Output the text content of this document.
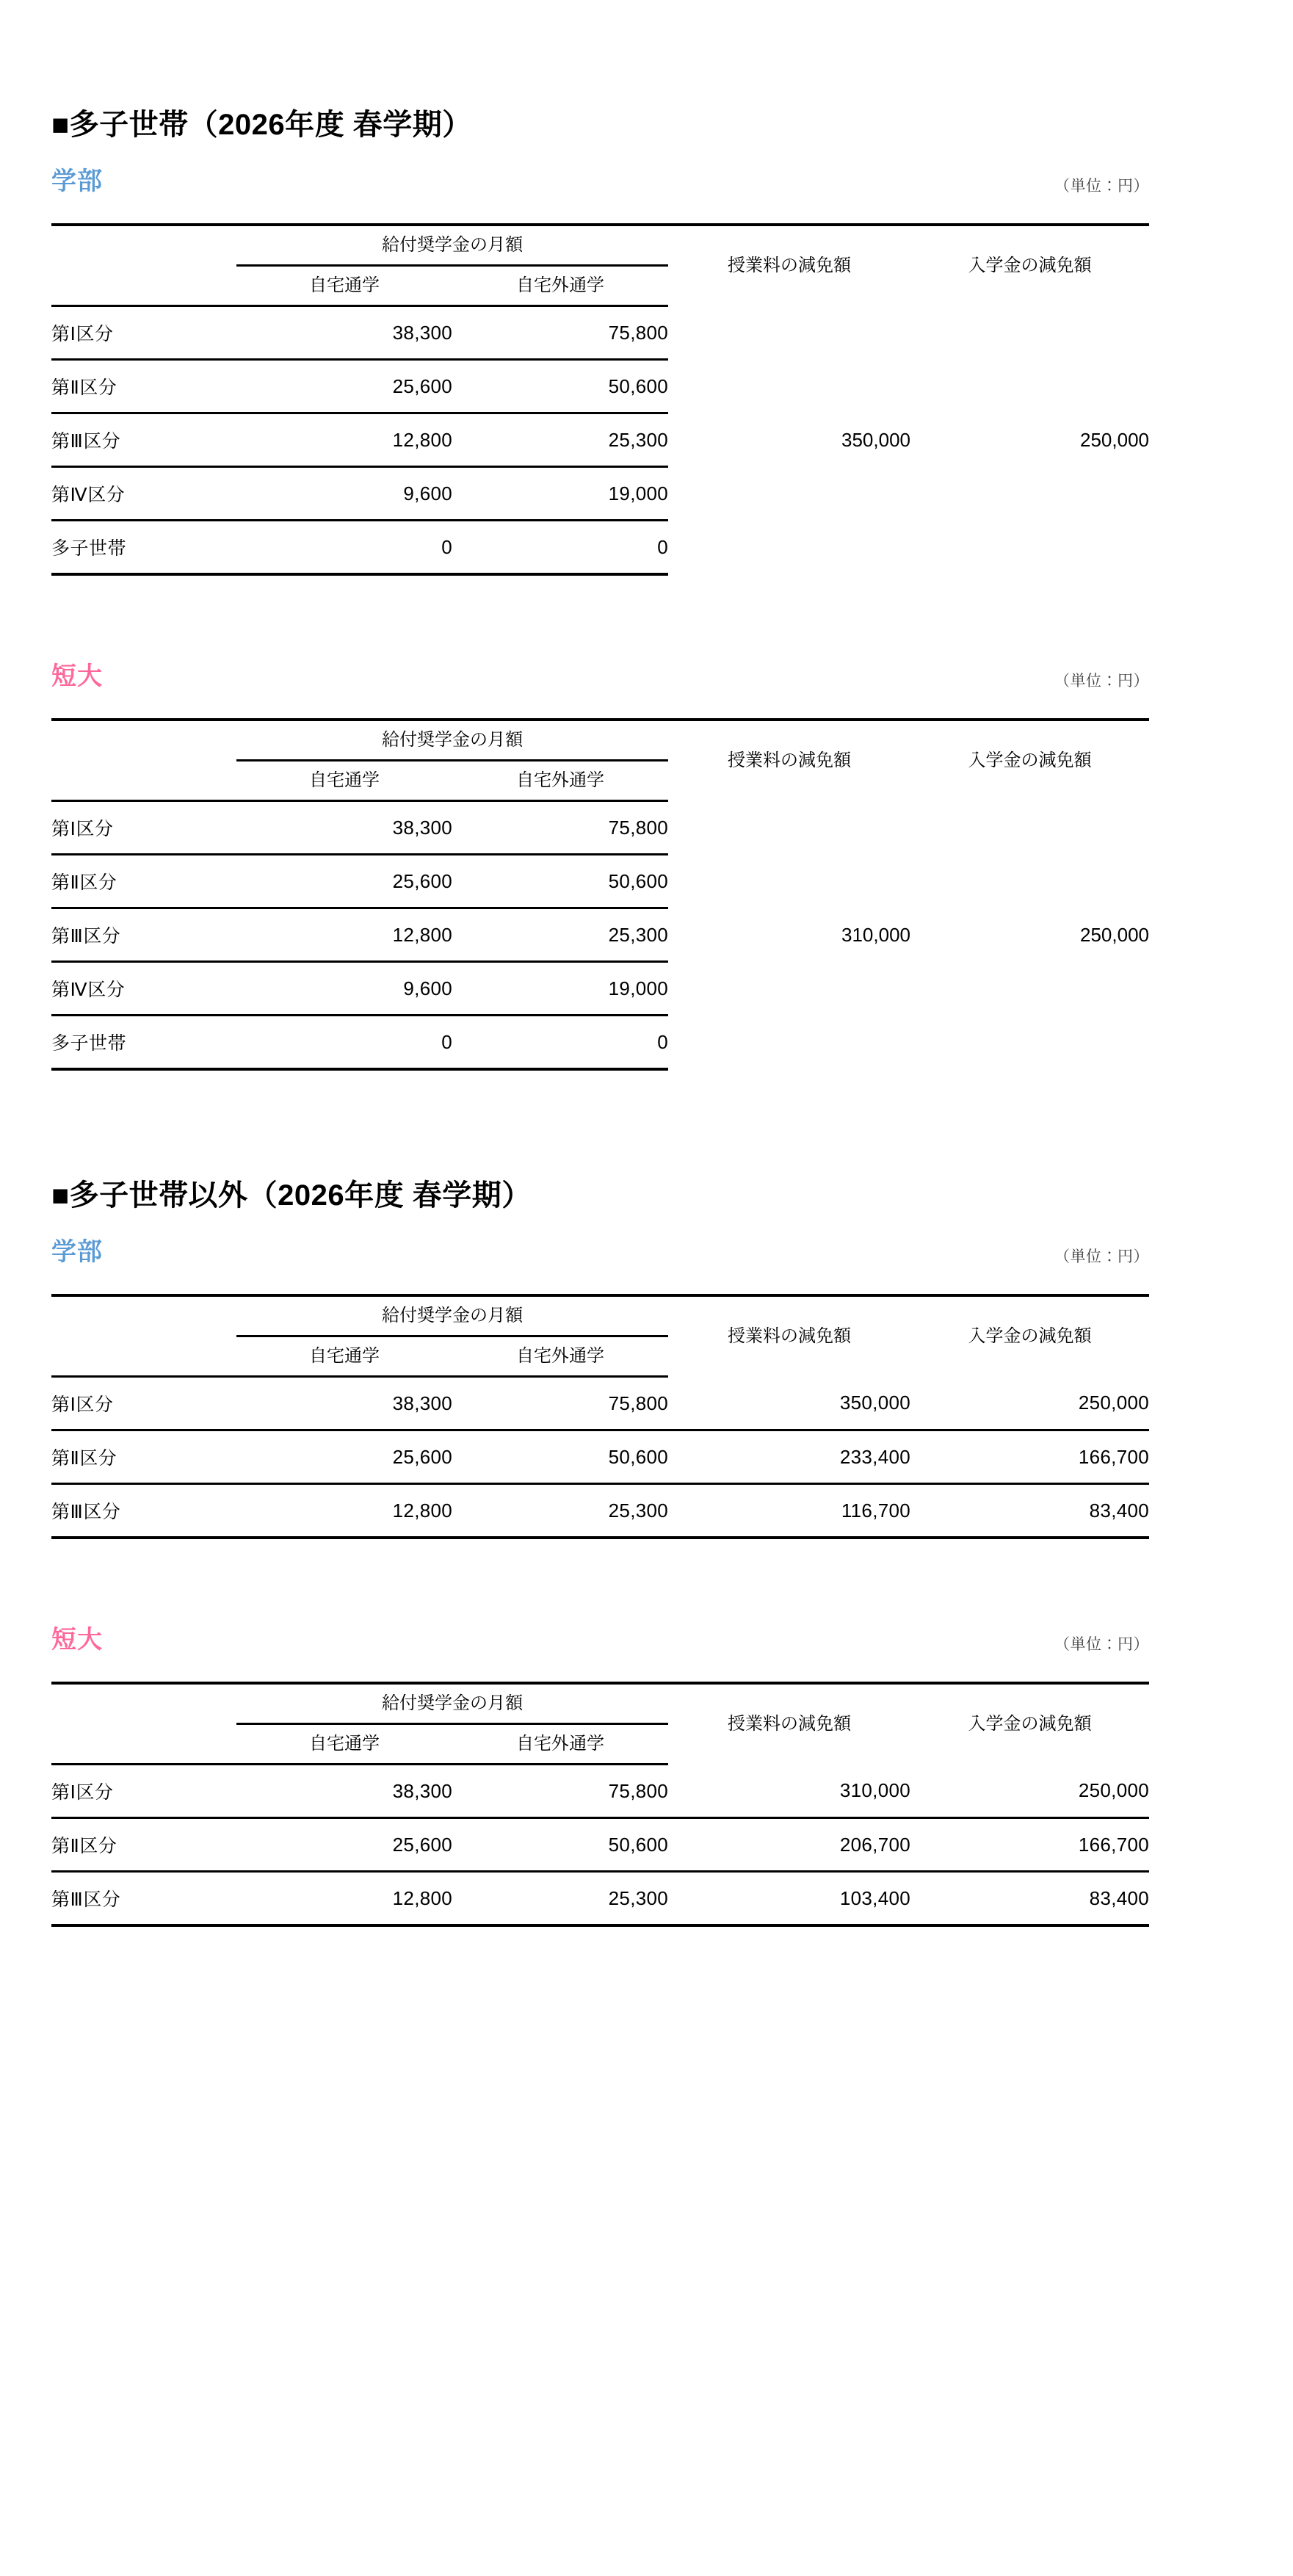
■多子世帯（2026年度 春学期）
学部	（単位：円）
	給付奨学金の月額		授業料の減免額	入学金の減免額
	自宅通学	自宅外通学		
第Ⅰ区分	38,300	75,800	350,000	250,000
第Ⅱ区分	25,600	50,600		
第Ⅲ区分	12,800	25,300		
第Ⅳ区分	9,600	19,000		
多子世帯	0	0		
短大	（単位：円）
	給付奨学金の月額		授業料の減免額	入学金の減免額
	自宅通学	自宅外通学		
第Ⅰ区分	38,300	75,800	310,000	250,000
第Ⅱ区分	25,600	50,600		
第Ⅲ区分	12,800	25,300		
第Ⅳ区分	9,600	19,000		
多子世帯	0	0		
■多子世帯以外（2026年度 春学期）
学部	（単位：円）
	給付奨学金の月額		授業料の減免額	入学金の減免額
	自宅通学	自宅外通学		
第Ⅰ区分	38,300	75,800	350,000	250,000
第Ⅱ区分	25,600	50,600	233,400	166,700
第Ⅲ区分	12,800	25,300	116,700	83,400
短大	（単位：円）
	給付奨学金の月額		授業料の減免額	入学金の減免額
	自宅通学	自宅外通学		
第Ⅰ区分	38,300	75,800	310,000	250,000
第Ⅱ区分	25,600	50,600	206,700	166,700
第Ⅲ区分	12,800	25,300	103,400	83,400
